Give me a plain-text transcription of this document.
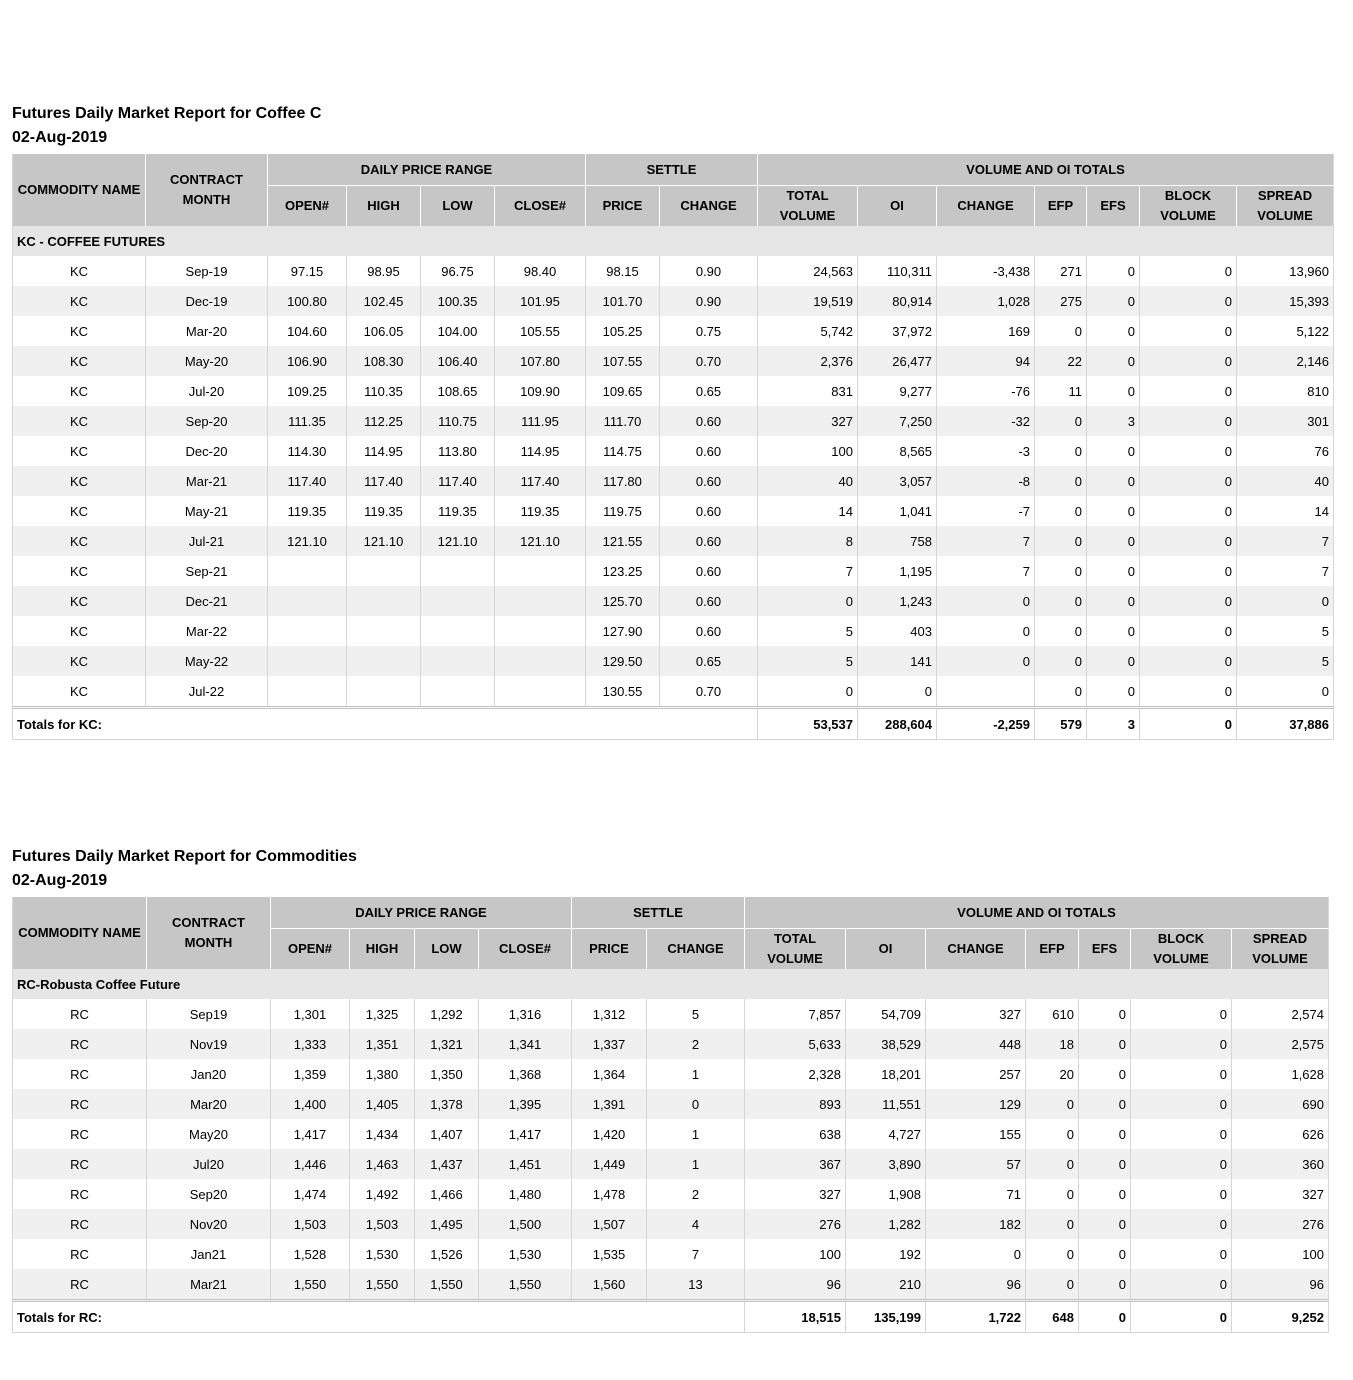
Futures Daily Market Report for Coffee C
02-Aug-2019
COMMODITY NAME	CONTRACT MONTH	DAILY PRICE RANGE				SETTLE		VOLUME AND OI TOTALS						
		OPEN#	HIGH	LOW	CLOSE#	PRICE	CHANGE	TOTAL VOLUME	OI	CHANGE	EFP	EFS	BLOCK VOLUME	SPREAD VOLUME
KC - COFFEE FUTURES														
KC	Sep-19	97.15	98.95	96.75	98.40	98.15	0.90	24,563	110,311	-3,438	271	0	0	13,960
KC	Dec-19	100.80	102.45	100.35	101.95	101.70	0.90	19,519	80,914	1,028	275	0	0	15,393
KC	Mar-20	104.60	106.05	104.00	105.55	105.25	0.75	5,742	37,972	169	0	0	0	5,122
KC	May-20	106.90	108.30	106.40	107.80	107.55	0.70	2,376	26,477	94	22	0	0	2,146
KC	Jul-20	109.25	110.35	108.65	109.90	109.65	0.65	831	9,277	-76	11	0	0	810
KC	Sep-20	111.35	112.25	110.75	111.95	111.70	0.60	327	7,250	-32	0	3	0	301
KC	Dec-20	114.30	114.95	113.80	114.95	114.75	0.60	100	8,565	-3	0	0	0	76
KC	Mar-21	117.40	117.40	117.40	117.40	117.80	0.60	40	3,057	-8	0	0	0	40
KC	May-21	119.35	119.35	119.35	119.35	119.75	0.60	14	1,041	-7	0	0	0	14
KC	Jul-21	121.10	121.10	121.10	121.10	121.55	0.60	8	758	7	0	0	0	7
KC	Sep-21					123.25	0.60	7	1,195	7	0	0	0	7
KC	Dec-21					125.70	0.60	0	1,243	0	0	0	0	0
KC	Mar-22					127.90	0.60	5	403	0	0	0	0	5
KC	May-22					129.50	0.65	5	141	0	0	0	0	5
KC	Jul-22					130.55	0.70	0	0		0	0	0	0
Totals for KC:								53,537	288,604	-2,259	579	3	0	37,886
Futures Daily Market Report for Commodities
02-Aug-2019
COMMODITY NAME	CONTRACT MONTH	DAILY PRICE RANGE				SETTLE		VOLUME AND OI TOTALS						
		OPEN#	HIGH	LOW	CLOSE#	PRICE	CHANGE	TOTAL VOLUME	OI	CHANGE	EFP	EFS	BLOCK VOLUME	SPREAD VOLUME
RC-Robusta Coffee Future														
RC	Sep19	1,301	1,325	1,292	1,316	1,312	5	7,857	54,709	327	610	0	0	2,574
RC	Nov19	1,333	1,351	1,321	1,341	1,337	2	5,633	38,529	448	18	0	0	2,575
RC	Jan20	1,359	1,380	1,350	1,368	1,364	1	2,328	18,201	257	20	0	0	1,628
RC	Mar20	1,400	1,405	1,378	1,395	1,391	0	893	11,551	129	0	0	0	690
RC	May20	1,417	1,434	1,407	1,417	1,420	1	638	4,727	155	0	0	0	626
RC	Jul20	1,446	1,463	1,437	1,451	1,449	1	367	3,890	57	0	0	0	360
RC	Sep20	1,474	1,492	1,466	1,480	1,478	2	327	1,908	71	0	0	0	327
RC	Nov20	1,503	1,503	1,495	1,500	1,507	4	276	1,282	182	0	0	0	276
RC	Jan21	1,528	1,530	1,526	1,530	1,535	7	100	192	0	0	0	0	100
RC	Mar21	1,550	1,550	1,550	1,550	1,560	13	96	210	96	0	0	0	96
Totals for RC:								18,515	135,199	1,722	648	0	0	9,252
